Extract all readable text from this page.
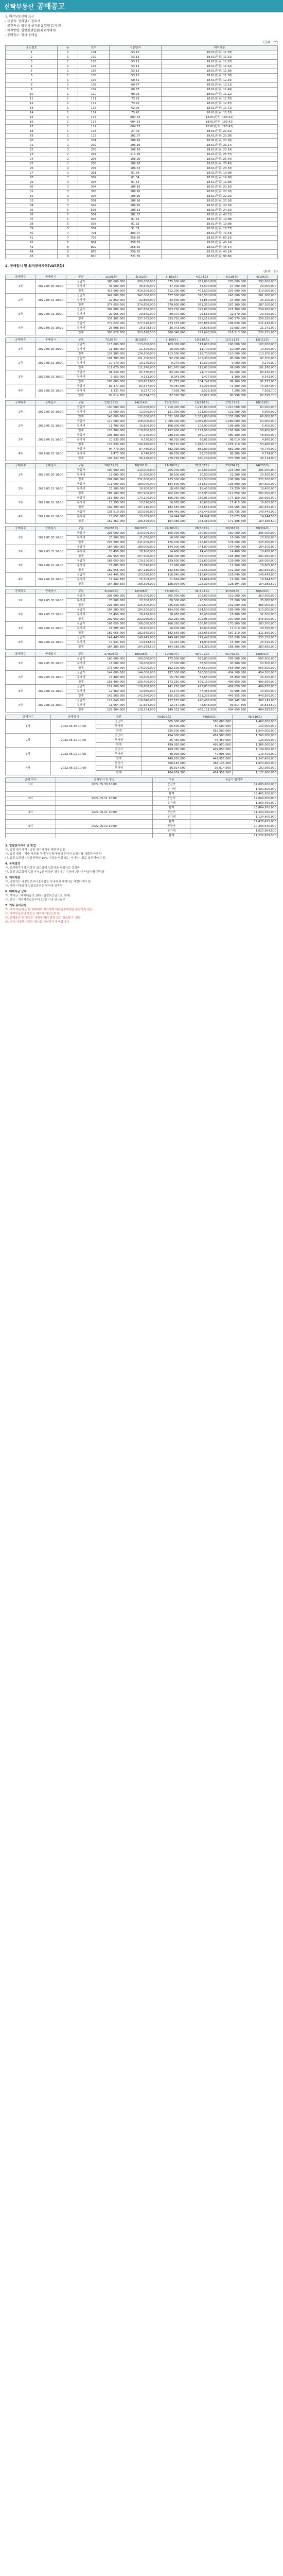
신탁부동산 공매공고
1. 매각부동산의 표시
- 대상지: 전라남도 광주시
- 물건목록: 광주시 을지로 3 일대 토지 외
- 매각방법: 일반경쟁입찰(최고가매각)
- 공매장소: 당사 공매실
(단위 : ㎡)
물건번호	동	호수	전용면적	대지지분
1	1	101	53.13	18.61(단위: 11.78)
2	1	102	53.13	18.61(단위: 11.53)
3	1	103	53.13	18.61(단위: 11.63)
4	1	104	53.13	18.61(단위: 11.53)
5	1	105	53.13	18.61(단위: 11.38)
6	1	106	53.13	18.61(단위: 11.38)
7	1	107	60.61	18.61(단위: 12.19)
8	1	108	60.67	18.61(단위: 13.21)
9	1	109	60.67	18.61(단위: 11.49)
10	1	110	90.96	18.61(단위: 11.12)
11	1	111	73.95	18.61(단위: 11.78)
12	1	112	73.95	18.61(단위: 12.87)
13	1	113	62.96	18.61(단위: 13.72)
14	1	114	73.42	18.61(단위: 11.52)
15	1	115	604.53	18.61(단위: 103.42)
16	1	116	604.53	18.61(단위: 103.42)
17	1	117	604.53	18.61(단위: 103.42)
18	1	118	27.43	18.61(단위: 21.61)
19	1	119	101.37	18.61(단위: 23.38)
20	2	201	108.16	18.61(단위: 22.16)
21	2	202	106.16	18.61(단위: 23.14)
22	2	203	106.16	18.61(단위: 23.14)
23	2	204	111.26	18.61(단위: 25.37)
24	2	205	106.20	18.61(단위: 25.45)
25	2	206	106.20	18.61(단위: 25.45)
26	2	207	106.53	18.61(단위: 24.33)
27	3	301	81.34	18.61(단위: 19.98)
28	3	302	81.34	18.61(단위: 19.98)
29	3	303	81.34	18.61(단위: 19.98)
30	3	304	106.16	18.61(단위: 22.16)
31	3	305	106.16	18.61(단위: 22.16)
32	3	306	106.16	18.61(단위: 22.16)
33	5	501	106.16	18.61(단위: 22.16)
34	5	502	106.16	18.61(단위: 22.16)
35	5	503	106.53	18.61(단위: 24.33)
36	5	504	181.37	18.61(단위: 40.21)
37	5	505	81.33	18.61(단위: 19.98)
38	5	506	81.33	18.61(단위: 19.98)
39	5	507	91.39	18.61(단위: 16.77)
40	7	701	300.07	18.61(단위: 71.53)
41	7	702	258.65	18.61(단위: 60.16)
42	8	801	258.65	18.61(단위: 45.14)
43	8	802	258.65	18.61(단위: 45.14)
44	8	803	258.65	18.61(단위: 45.14)
45	8	810	721.55	18.61(단위: 98.80)
2. 공매일시 및 최저공매가격(VAT포함)
(단위 : 원)
공매차수	공매일시	구분	1(101호)	2(102호)	3(103호)	4(104호)	5(105호)	6(106호)
1차	2022.05.30 10:00	공급가	380,000,000	380,000,000	375,000,000	365,000,000	270,000,000	290,000,000
		부가세	36,500,000	36,500,000	37,000,000	36,500,000	27,000,000	29,000,000
		합계	416,500,000	416,500,000	412,000,000	401,500,000	297,000,000	319,000,000
2차	2022.05.31 10:00	공급가	342,000,000	342,000,000	337,500,000	328,500,000	243,000,000	261,000,000
		부가세	32,850,000	32,850,000	33,300,000	32,850,000	24,300,000	26,100,000
		합계	374,850,000	374,850,000	370,800,000	361,350,000	267,300,000	287,100,000
3차	2022.06.01 10:00	공급가	307,800,000	307,800,000	303,750,000	295,650,000	218,700,000	234,900,000
		부가세	29,565,000	29,565,000	29,970,000	29,565,000	21,870,000	23,490,000
		합계	337,365,000	337,365,000	333,720,000	325,215,000	240,570,000	258,390,000
4차	2022.06.02 10:00	공급가	277,020,000	277,020,000	273,375,000	266,085,000	196,830,000	211,410,000
		부가세	26,608,500	26,608,500	26,973,000	26,608,500	19,683,000	21,141,000
		합계	303,628,500	303,628,500	300,348,000	292,693,500	216,513,000	232,551,000
공매차수	공매일시	구분	7(107호)	8(108호)	9(109호)	10(110호)	11(111호)	12(112호)
1차	2022.05.30 10:00	공급가	113,000,000	113,000,000	103,000,000	117,000,000	100,000,000	103,000,000
		부가세	11,300,000	11,300,000	10,300,000	11,700,000	10,000,000	10,300,000
		합계	124,300,000	124,300,000	113,300,000	128,700,000	110,000,000	113,300,000
2차	2022.05.31 10:00	공급가	101,700,000	101,700,000	92,700,000	105,300,000	90,000,000	92,700,000
		부가세	10,170,000	10,170,000	9,270,000	10,530,000	9,000,000	9,270,000
		합계	111,870,000	111,870,000	101,970,000	115,830,000	99,000,000	101,970,000
3차	2022.06.01 10:00	공급가	91,530,000	91,530,000	83,430,000	94,770,000	81,000,000	83,430,000
		부가세	9,153,000	9,153,000	8,343,000	9,477,000	8,100,000	8,343,000
		합계	100,683,000	100,683,000	91,773,000	104,247,000	89,100,000	91,773,000
4차	2022.06.02 10:00	공급가	82,377,000	82,377,000	75,087,000	85,293,000	72,900,000	75,087,000
		부가세	8,237,700	8,237,700	7,508,700	8,529,300	7,290,000	7,508,700
		합계	90,614,700	90,614,700	82,595,700	93,822,300	80,190,000	82,595,700
공매차수	공매일시	구분	13(113호)	14(114호)	15(115호)	16(116호)	17(117호)	18(118호)
1차	2022.05.30 10:00	공급가	130,000,000	120,000,000	1,210,000,000	1,210,000,000	1,210,000,000	60,000,000
		부가세	13,000,000	12,000,000	121,000,000	121,000,000	121,000,000	6,000,000
		합계	143,000,000	132,000,000	1,331,000,000	1,331,000,000	1,331,000,000	66,000,000
2차	2022.05.31 10:00	공급가	117,000,000	108,000,000	1,089,000,000	1,089,000,000	1,089,000,000	54,000,000
		부가세	11,700,000	10,800,000	108,900,000	108,900,000	108,900,000	5,400,000
		합계	128,700,000	118,800,000	1,197,900,000	1,197,900,000	1,197,900,000	59,400,000
3차	2022.06.01 10:00	공급가	105,300,000	97,200,000	980,100,000	980,100,000	980,100,000	48,600,000
		부가세	10,530,000	9,720,000	98,010,000	98,010,000	98,010,000	4,860,000
		합계	115,830,000	106,920,000	1,078,110,000	1,078,110,000	1,078,110,000	53,460,000
4차	2022.06.02 10:00	공급가	94,770,000	87,480,000	882,090,000	882,090,000	882,090,000	43,740,000
		부가세	9,477,000	8,748,000	88,209,000	88,209,000	88,209,000	4,374,000
		합계	104,247,000	96,228,000	970,299,000	970,299,000	970,299,000	48,114,000
공매차수	공매일시	구분	19(119호)	20(201호)	21(202호)	22(203호)	23(204호)	24(205호)
1차	2022.05.30 10:00	공급가	190,000,000	210,000,000	205,000,000	205,000,000	215,000,000	205,000,000
		부가세	19,000,000	21,000,000	20,500,000	20,500,000	21,500,000	20,500,000
		합계	209,000,000	231,000,000	225,500,000	225,500,000	236,500,000	225,500,000
2차	2022.05.31 10:00	공급가	171,000,000	189,000,000	184,500,000	184,500,000	193,500,000	184,500,000
		부가세	17,100,000	18,900,000	18,450,000	18,450,000	19,350,000	18,450,000
		합계	188,100,000	207,900,000	202,950,000	202,950,000	212,850,000	202,950,000
3차	2022.06.01 10:00	공급가	153,900,000	170,100,000	166,050,000	166,050,000	174,150,000	166,050,000
		부가세	15,390,000	17,010,000	16,605,000	16,605,000	17,415,000	16,605,000
		합계	169,290,000	187,110,000	182,655,000	182,655,000	191,565,000	182,655,000
4차	2022.06.02 10:00	공급가	138,510,000	153,090,000	149,445,000	149,445,000	156,735,000	149,445,000
		부가세	13,851,000	15,309,000	14,944,500	14,944,500	15,673,500	14,944,500
		합계	152,361,000	168,399,000	164,389,500	164,389,500	172,408,500	164,389,500
공매차수	공매일시	구분	25(206호)	26(207호)	27(301호)	28(302호)	29(303호)	30(304호)
1차	2022.05.30 10:00	공급가	205,000,000	210,000,000	160,000,000	160,000,000	160,000,000	205,000,000
		부가세	20,500,000	21,000,000	16,000,000	16,000,000	16,000,000	20,500,000
		합계	225,500,000	231,000,000	176,000,000	176,000,000	176,000,000	225,500,000
2차	2022.05.31 10:00	공급가	184,500,000	189,000,000	144,000,000	144,000,000	144,000,000	184,500,000
		부가세	18,450,000	18,900,000	14,400,000	14,400,000	14,400,000	18,450,000
		합계	202,950,000	207,900,000	158,400,000	158,400,000	158,400,000	202,950,000
3차	2022.06.01 10:00	공급가	166,050,000	170,100,000	129,600,000	129,600,000	129,600,000	166,050,000
		부가세	16,605,000	17,010,000	12,960,000	12,960,000	12,960,000	16,605,000
		합계	182,655,000	187,110,000	142,560,000	142,560,000	142,560,000	182,655,000
4차	2022.06.02 10:00	공급가	149,445,000	153,090,000	116,640,000	116,640,000	116,640,000	149,445,000
		부가세	14,944,500	15,309,000	11,664,000	11,664,000	11,664,000	14,944,500
		합계	164,389,500	168,399,000	128,304,000	128,304,000	128,304,000	164,389,500
공매차수	공매일시	구분	31(305호)	32(306호)	33(501호)	34(502호)	35(503호)	36(504호)
1차	2022.05.30 10:00	공급가	205,000,000	205,000,000	205,000,000	205,000,000	210,000,000	350,000,000
		부가세	20,500,000	20,500,000	20,500,000	20,500,000	21,000,000	35,000,000
		합계	225,500,000	225,500,000	225,500,000	225,500,000	231,000,000	385,000,000
2차	2022.05.31 10:00	공급가	184,500,000	184,500,000	184,500,000	184,500,000	189,000,000	315,000,000
		부가세	18,450,000	18,450,000	18,450,000	18,450,000	18,900,000	31,500,000
		합계	202,950,000	202,950,000	202,950,000	202,950,000	207,900,000	346,500,000
3차	2022.06.01 10:00	공급가	166,050,000	166,050,000	166,050,000	166,050,000	170,100,000	283,500,000
		부가세	16,605,000	16,605,000	16,605,000	16,605,000	17,010,000	28,350,000
		합계	182,655,000	182,655,000	182,655,000	182,655,000	187,110,000	311,850,000
4차	2022.06.02 10:00	공급가	149,445,000	149,445,000	149,445,000	149,445,000	153,090,000	255,150,000
		부가세	14,944,500	14,944,500	14,944,500	14,944,500	15,309,000	25,515,000
		합계	164,389,500	164,389,500	164,389,500	164,389,500	168,399,000	280,665,000
공매차수	공매일시	구분	37(505호)	38(506호)	39(507호)	40(701호)	41(702호)	42(801호)
1차	2022.05.30 10:00	공급가	160,000,000	160,000,000	175,000,000	585,000,000	505,000,000	505,000,000
		부가세	16,000,000	16,000,000	17,500,000	58,500,000	50,500,000	50,500,000
		합계	176,000,000	176,000,000	192,500,000	643,500,000	555,500,000	555,500,000
2차	2022.05.31 10:00	공급가	144,000,000	144,000,000	157,500,000	526,500,000	454,500,000	454,500,000
		부가세	14,400,000	14,400,000	15,750,000	52,650,000	45,450,000	45,450,000
		합계	158,400,000	158,400,000	173,250,000	579,150,000	499,950,000	499,950,000
3차	2022.06.01 10:00	공급가	129,600,000	129,600,000	141,750,000	473,850,000	409,050,000	409,050,000
		부가세	12,960,000	12,960,000	14,175,000	47,385,000	40,905,000	40,905,000
		합계	142,560,000	142,560,000	155,925,000	521,235,000	449,955,000	449,955,000
4차	2022.06.02 10:00	공급가	116,640,000	116,640,000	127,575,000	426,465,000	368,145,000	368,145,000
		부가세	11,664,000	11,664,000	12,757,500	42,646,500	36,814,500	36,814,500
		합계	128,304,000	128,304,000	140,332,500	469,111,500	404,959,500	404,959,500
공매차수	공매일시	구분	43(802호)	44(803호)	45(810호)
1차	2022.05.30 10:00	공급가	505,000,000	505,000,000	1,400,000,000
		부가세	50,500,000	50,500,000	140,000,000
		합계	555,500,000	555,500,000	1,540,000,000
2차	2022.05.31 10:00	공급가	454,500,000	454,500,000	1,260,000,000
		부가세	45,450,000	45,450,000	126,000,000
		합계	499,950,000	499,950,000	1,386,000,000
3차	2022.06.01 10:00	공급가	409,050,000	409,050,000	1,134,000,000
		부가세	40,905,000	40,905,000	113,400,000
		합계	449,955,000	449,955,000	1,247,400,000
4차	2022.06.02 10:00	공급가	368,145,000	368,145,000	1,020,600,000
		부가세	36,814,500	36,814,500	102,060,000
		합계	404,959,500	404,959,500	1,122,660,000
공매 차수	공매일시 및 장소	구분	공급가 합계액
1차	2022.05.30 10:00	공급가	14,005,000,000
		부가세	1,400,500,000
		합계	15,405,500,000
2차	2022.05.31 10:00	공급가	12,604,500,000
		부가세	1,260,450,000
		합계	13,864,950,000
3차	2022.06.01 10:00	공급가	11,344,050,000
		부가세	1,134,405,000
		합계	12,478,455,000
4차	2022.06.02 10:00	공급가	10,209,645,000
		부가세	1,020,964,500
		합계	11,230,609,500
3. 입찰참가자격 및 방법

가. 입찰 참가자격 : 입찰 참가자격에 제한이 없음

나. 입찰 방법 : 제출 서류를 구비하여 당사에 방문하여 입찰서를 제출하여야 함

다. 입찰 보증금 : 입찰금액의 10% 이상을 현금 또는 자기앞수표로 납부하여야 함

4. 공매결정

가. 최저매각가격 이상의 최고금액 입찰자를 낙찰자로 결정함

나. 동일 최고금액 입찰자가 2인 이상인 경우에는 추첨에 의하여 낙찰자를 결정함

5. 계약체결

가. 낙찰자는 낙찰일로부터 5영업일 이내에 매매계약을 체결하여야 함

나. 계약 미체결시 입찰보증금은 당사에 귀속됨

6. 매매대금 납부

가. 계약금 : 매매대금의 10% (입찰보증금으로 대체)

나. 잔금 : 계약체결일로부터 30일 이내 일시납부

7. 기타 유의사항

가. 매각 부동산은 현 상태대로 매각하며 하자담보책임을 부담하지 않음

나. 매각부동산의 명도는 매수자 책임으로 함

다. 공매조건 및 일정은 사정에 따라 변경 또는 취소될 수 있음

라. 기타 자세한 사항은 당사로 문의하시기 바랍니다
